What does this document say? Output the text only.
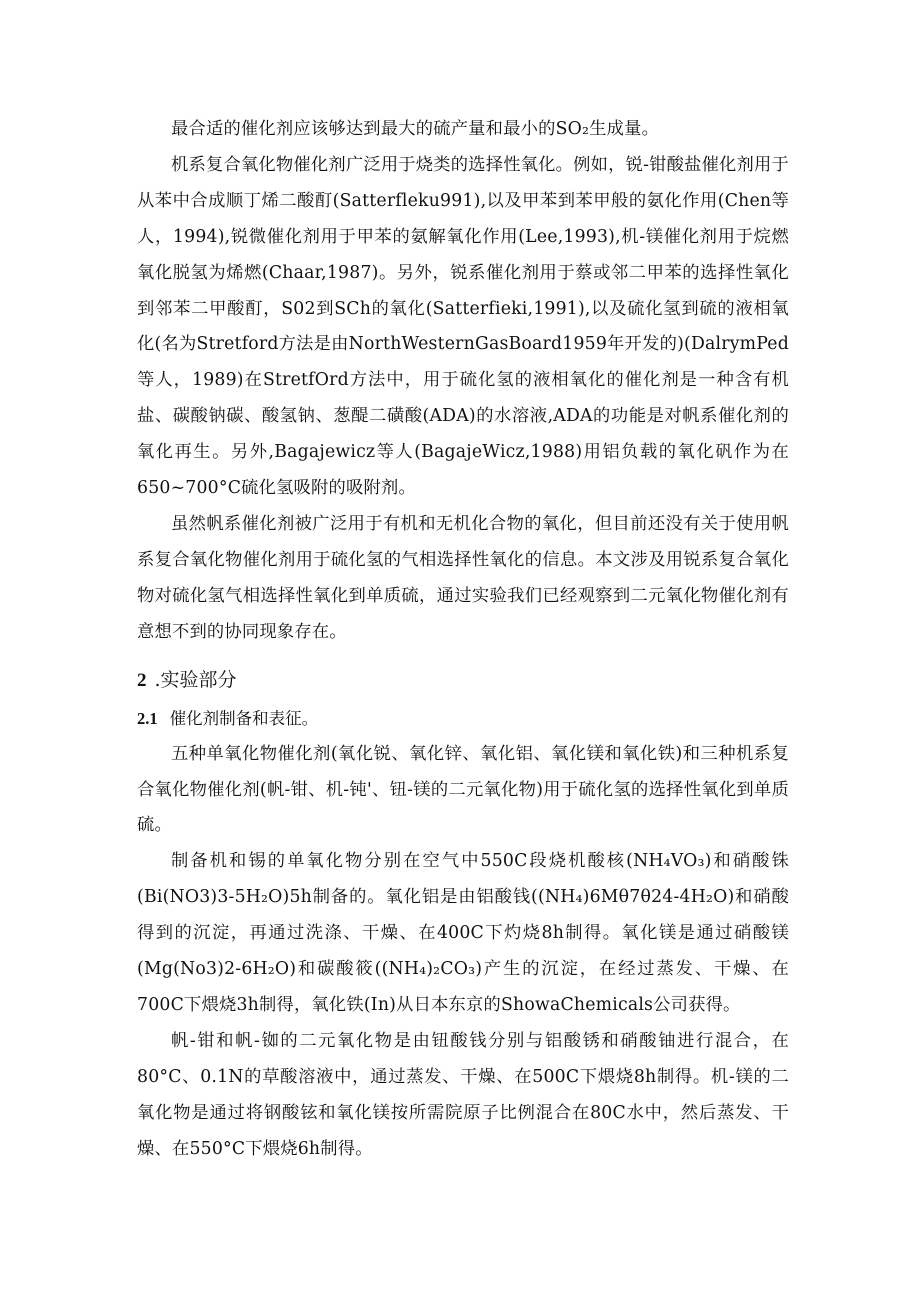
最合适的催化剂应该够达到最大的硫产量和最小的SO₂生成量。

机系复合氧化物催化剂广泛用于烧类的选择性氧化。例如，锐-钳酸盐催化剂用于从苯中合成顺丁烯二酸酊(Satterfleku991),以及甲苯到苯甲般的氨化作用(Chen等人，1994),锐微催化剂用于甲苯的氨解氧化作用(Lee,1993),机-镁催化剂用于烷燃氧化脱氢为烯燃(Chaar,1987)。另外，锐系催化剂用于蔡或邻二甲苯的选择性氧化到邻苯二甲酸酊，S02到SCh的氧化(Satterfieki,1991),以及硫化氢到硫的液相氧化(名为Stretford方法是由NorthWesternGasBoard1959年开发的)(DalrymPed等人，1989)在StretfOrd方法中，用于硫化氢的液相氧化的催化剂是一种含有机盐、碳酸钠碳、酸氢钠、葱醍二磺酸(ADA)的水溶液,ADA的功能是对帆系催化剂的氧化再生。另外,Bagajewicz等人(BagajeWicz,1988)用铝负载的氧化矾作为在650~700°C硫化氢吸附的吸附剂。

虽然帆系催化剂被广泛用于有机和无机化合物的氧化，但目前还没有关于使用帆系复合氧化物催化剂用于硫化氢的气相选择性氧化的信息。本文涉及用锐系复合氧化物对硫化氢气相选择性氧化到单质硫，通过实验我们已经观察到二元氧化物催化剂有意想不到的协同现象存在。

2 .实验部分
2.1 催化剂制备和表征。

五种单氧化物催化剂(氧化锐、氧化锌、氧化铝、氧化镁和氧化铁)和三种机系复合氧化物催化剂(帆-钳、机-钝'、钮-镁的二元氧化物)用于硫化氢的选择性氧化到单质硫。

制备机和锡的单氧化物分别在空气中550C段烧机酸核(NH₄VO₃)和硝酸铢(Bi(NO3)3-5H₂O)5h制备的。氧化铝是由铝酸钱((NH₄)6Mθ7θ24-4H₂O)和硝酸得到的沉淀，再通过洗涤、干燥、在400C下灼烧8h制得。氧化镁是通过硝酸镁(Mg(No3)2-6H₂O)和碳酸筱((NH₄)₂CO₃)产生的沉淀，在经过蒸发、干燥、在700C下煨烧3h制得，氧化铁(In)从日本东京的ShowaChemicals公司获得。

帆-钳和帆-铷的二元氧化物是由钮酸钱分别与铝酸锈和硝酸铀进行混合，在80°C、0.1N的草酸溶液中，通过蒸发、干燥、在500C下煨烧8h制得。机-镁的二氧化物是通过将钢酸铉和氧化镁按所需院原子比例混合在80C水中，然后蒸发、干燥、在550°C下煨烧6h制得。
